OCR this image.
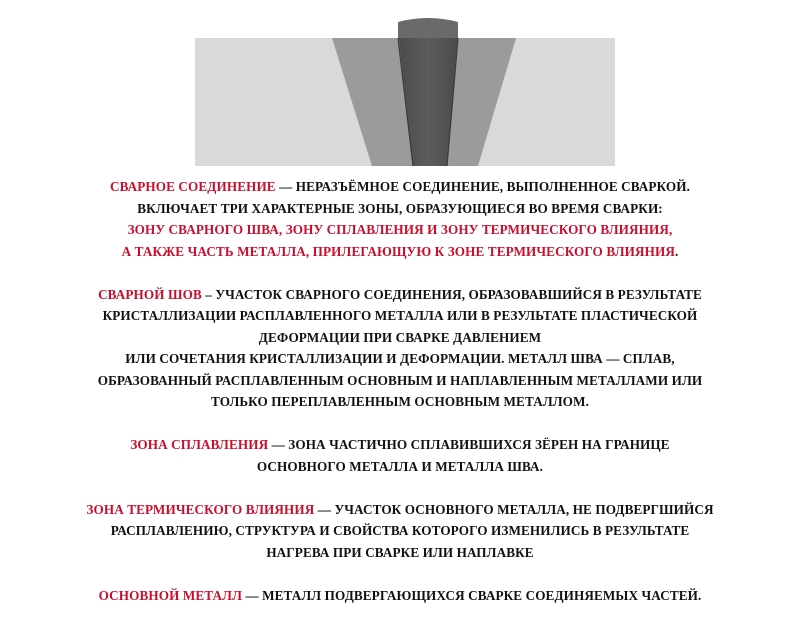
СВАРНОЕ СОЕДИНЕНИЕ — НЕРАЗЪЁМНОЕ СОЕДИНЕНИЕ, ВЫПОЛНЕННОЕ СВАРКОЙ.
ВКЛЮЧАЕТ ТРИ ХАРАКТЕРНЫЕ ЗОНЫ, ОБРАЗУЮЩИЕСЯ ВО ВРЕМЯ СВАРКИ:
ЗОНУ СВАРНОГО ШВА, ЗОНУ СПЛАВЛЕНИЯ И ЗОНУ ТЕРМИЧЕСКОГО ВЛИЯНИЯ,
А ТАКЖЕ ЧАСТЬ МЕТАЛЛА, ПРИЛЕГАЮЩУЮ К ЗОНЕ ТЕРМИЧЕСКОГО ВЛИЯНИЯ.
СВАРНОЙ ШОВ – УЧАСТОК СВАРНОГО СОЕДИНЕНИЯ, ОБРАЗОВАВШИЙСЯ В РЕЗУЛЬТАТЕ
КРИСТАЛЛИЗАЦИИ РАСПЛАВЛЕННОГО МЕТАЛЛА ИЛИ В РЕЗУЛЬТАТЕ ПЛАСТИЧЕСКОЙ
ДЕФОРМАЦИИ ПРИ СВАРКЕ ДАВЛЕНИЕМ
ИЛИ СОЧЕТАНИЯ КРИСТАЛЛИЗАЦИИ И ДЕФОРМАЦИИ. МЕТАЛЛ ШВА — СПЛАВ,
ОБРАЗОВАННЫЙ РАСПЛАВЛЕННЫМ ОСНОВНЫМ И НАПЛАВЛЕННЫМ МЕТАЛЛАМИ ИЛИ
ТОЛЬКО ПЕРЕПЛАВЛЕННЫМ ОСНОВНЫМ МЕТАЛЛОМ.
ЗОНА СПЛАВЛЕНИЯ — ЗОНА ЧАСТИЧНО СПЛАВИВШИХСЯ ЗЁРЕН НА ГРАНИЦЕ
ОСНОВНОГО МЕТАЛЛА И МЕТАЛЛА ШВА.
ЗОНА ТЕРМИЧЕСКОГО ВЛИЯНИЯ — УЧАСТОК ОСНОВНОГО МЕТАЛЛА, НЕ ПОДВЕРГШИЙСЯ
РАСПЛАВЛЕНИЮ, СТРУКТУРА И СВОЙСТВА КОТОРОГО ИЗМЕНИЛИСЬ В РЕЗУЛЬТАТЕ
НАГРЕВА ПРИ СВАРКЕ ИЛИ НАПЛАВКЕ
ОСНОВНОЙ МЕТАЛЛ — МЕТАЛЛ ПОДВЕРГАЮЩИХСЯ СВАРКЕ СОЕДИНЯЕМЫХ ЧАСТЕЙ.
